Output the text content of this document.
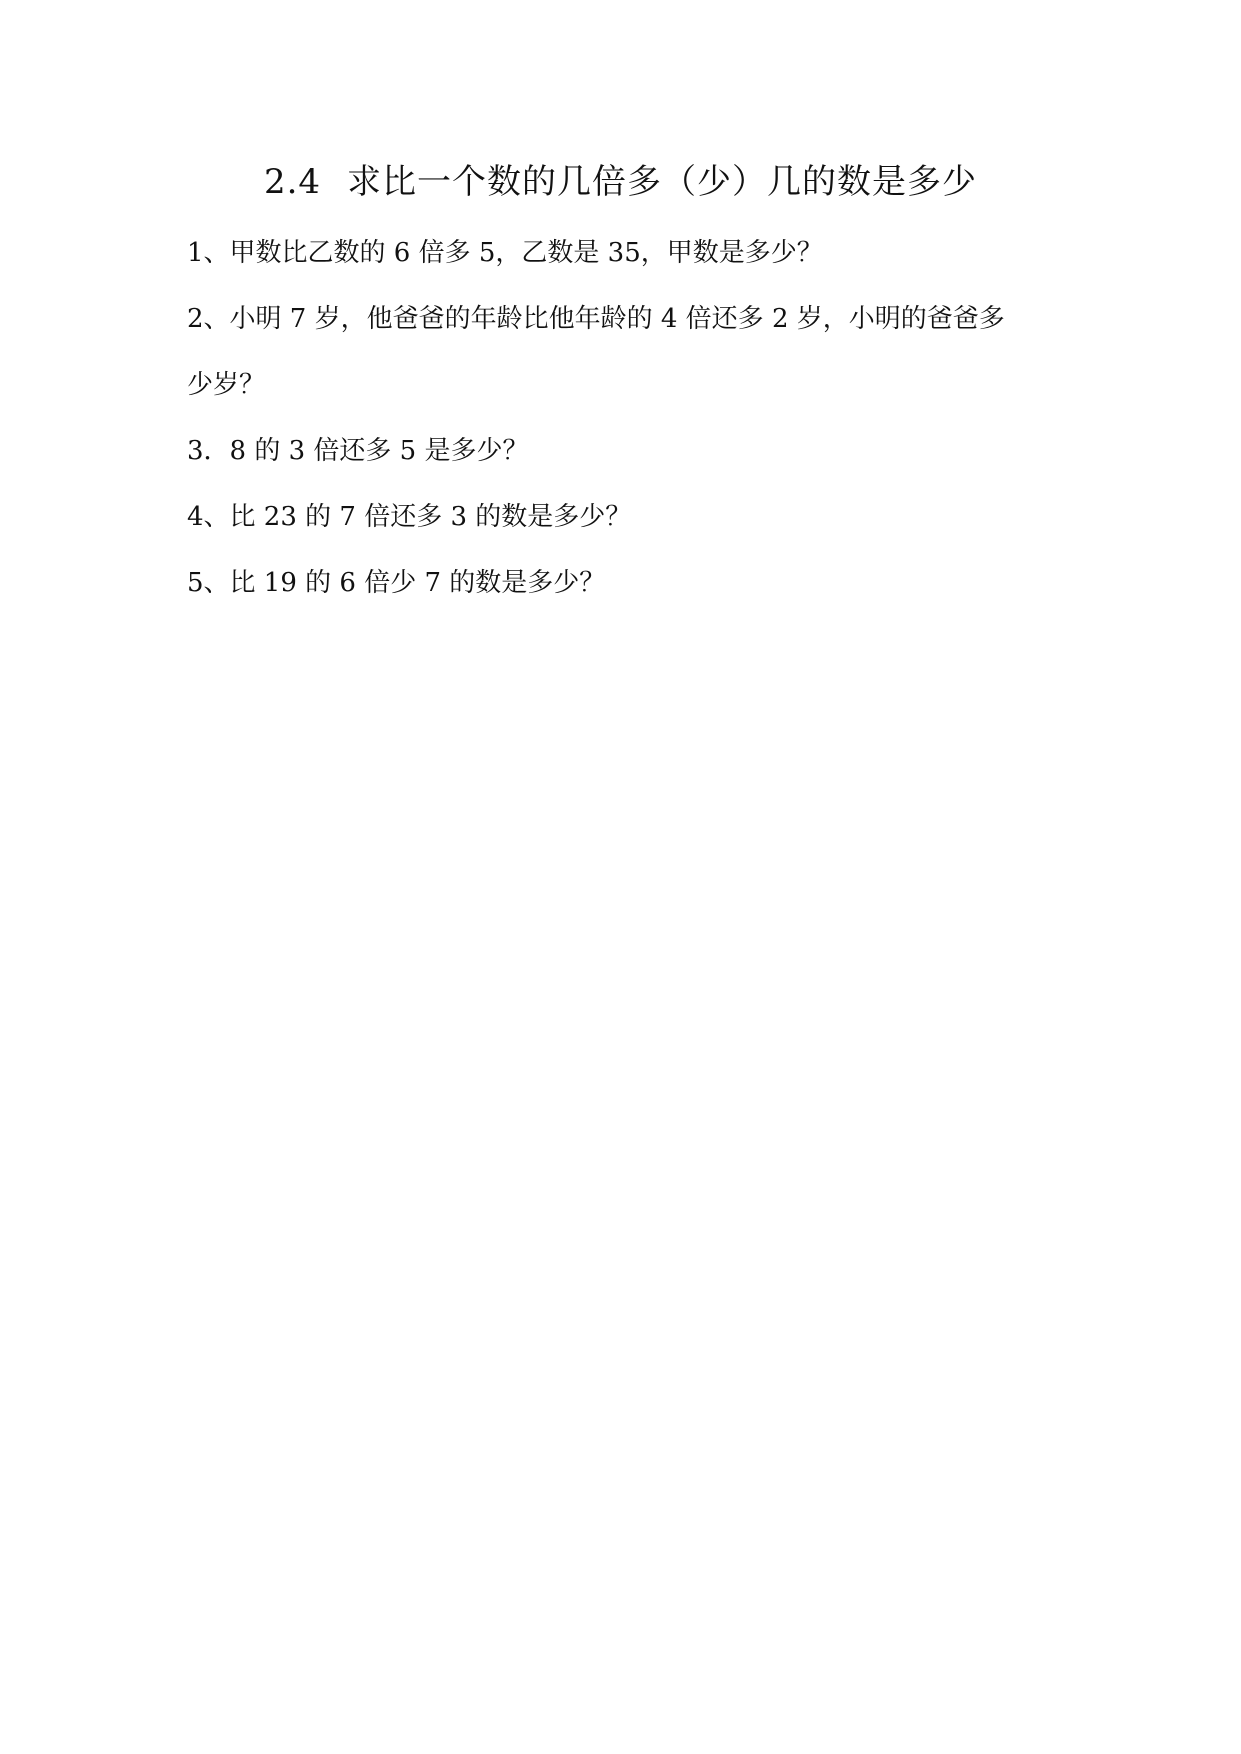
2.4 求比一个数的几倍多（少）几的数是多少
1、甲数比乙数的 6 倍多 5，乙数是 35，甲数是多少？
2、小明 7 岁，他爸爸的年龄比他年龄的 4 倍还多 2 岁，小明的爸爸多
少岁？
3．8 的 3 倍还多 5 是多少？
4、比 23 的 7 倍还多 3 的数是多少？
5、比 19 的 6 倍少 7 的数是多少？
